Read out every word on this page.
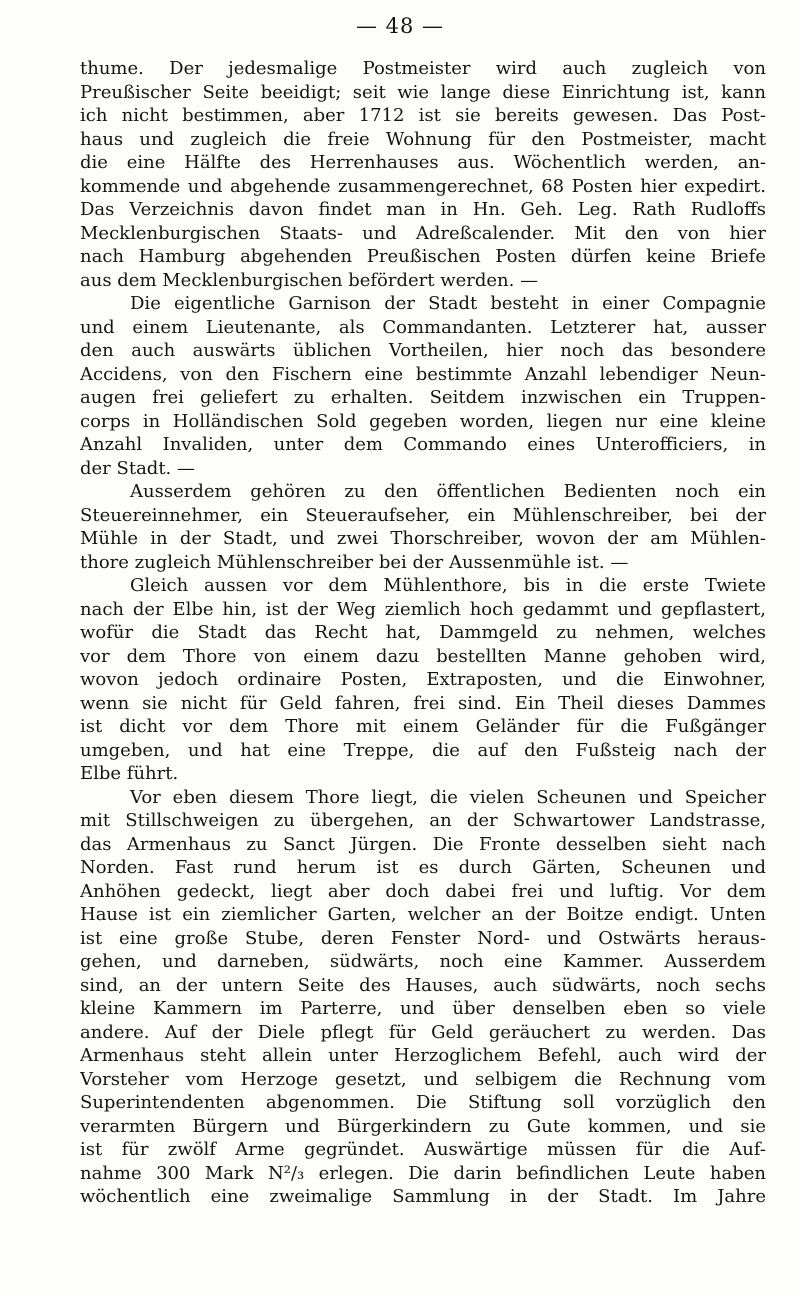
— 48 —
thume. Der jedesmalige Postmeister wird auch zugleich von
Preußischer Seite beeidigt; seit wie lange diese Einrichtung ist, kann
ich nicht bestimmen, aber 1712 ist sie bereits gewesen. Das Post-
haus und zugleich die freie Wohnung für den Postmeister, macht
die eine Hälfte des Herrenhauses aus. Wöchentlich werden, an-
kommende und abgehende zusammengerechnet, 68 Posten hier expedirt.
Das Verzeichnis davon findet man in Hn. Geh. Leg. Rath Rudloffs
Mecklenburgischen Staats- und Adreßcalender. Mit den von hier
nach Hamburg abgehenden Preußischen Posten dürfen keine Briefe
aus dem Mecklenburgischen befördert werden. —
Die eigentliche Garnison der Stadt besteht in einer Compagnie
und einem Lieutenante, als Commandanten. Letzterer hat, ausser
den auch auswärts üblichen Vortheilen, hier noch das besondere
Accidens, von den Fischern eine bestimmte Anzahl lebendiger Neun-
augen frei geliefert zu erhalten. Seitdem inzwischen ein Truppen-
corps in Holländischen Sold gegeben worden, liegen nur eine kleine
Anzahl Invaliden, unter dem Commando eines Unterofficiers, in
der Stadt. —
Ausserdem gehören zu den öffentlichen Bedienten noch ein
Steuereinnehmer, ein Steueraufseher, ein Mühlenschreiber, bei der
Mühle in der Stadt, und zwei Thorschreiber, wovon der am Mühlen-
thore zugleich Mühlenschreiber bei der Aussenmühle ist. —
Gleich aussen vor dem Mühlenthore, bis in die erste Twiete
nach der Elbe hin, ist der Weg ziemlich hoch gedammt und gepflastert,
wofür die Stadt das Recht hat, Dammgeld zu nehmen, welches
vor dem Thore von einem dazu bestellten Manne gehoben wird,
wovon jedoch ordinaire Posten, Extraposten, und die Einwohner,
wenn sie nicht für Geld fahren, frei sind. Ein Theil dieses Dammes
ist dicht vor dem Thore mit einem Geländer für die Fußgänger
umgeben, und hat eine Treppe, die auf den Fußsteig nach der
Elbe führt.
Vor eben diesem Thore liegt, die vielen Scheunen und Speicher
mit Stillschweigen zu übergehen, an der Schwartower Landstrasse,
das Armenhaus zu Sanct Jürgen. Die Fronte desselben sieht nach
Norden. Fast rund herum ist es durch Gärten, Scheunen und
Anhöhen gedeckt, liegt aber doch dabei frei und luftig. Vor dem
Hause ist ein ziemlicher Garten, welcher an der Boitze endigt. Unten
ist eine große Stube, deren Fenster Nord- und Ostwärts heraus-
gehen, und darneben, südwärts, noch eine Kammer. Ausserdem
sind, an der untern Seite des Hauses, auch südwärts, noch sechs
kleine Kammern im Parterre, und über denselben eben so viele
andere. Auf der Diele pflegt für Geld geräuchert zu werden. Das
Armenhaus steht allein unter Herzoglichem Befehl, auch wird der
Vorsteher vom Herzoge gesetzt, und selbigem die Rechnung vom
Superintendenten abgenommen. Die Stiftung soll vorzüglich den
verarmten Bürgern und Bürgerkindern zu Gute kommen, und sie
ist für zwölf Arme gegründet. Auswärtige müssen für die Auf-
nahme 300 Mark N²/₃ erlegen. Die darin befindlichen Leute haben
wöchentlich eine zweimalige Sammlung in der Stadt. Im Jahre
